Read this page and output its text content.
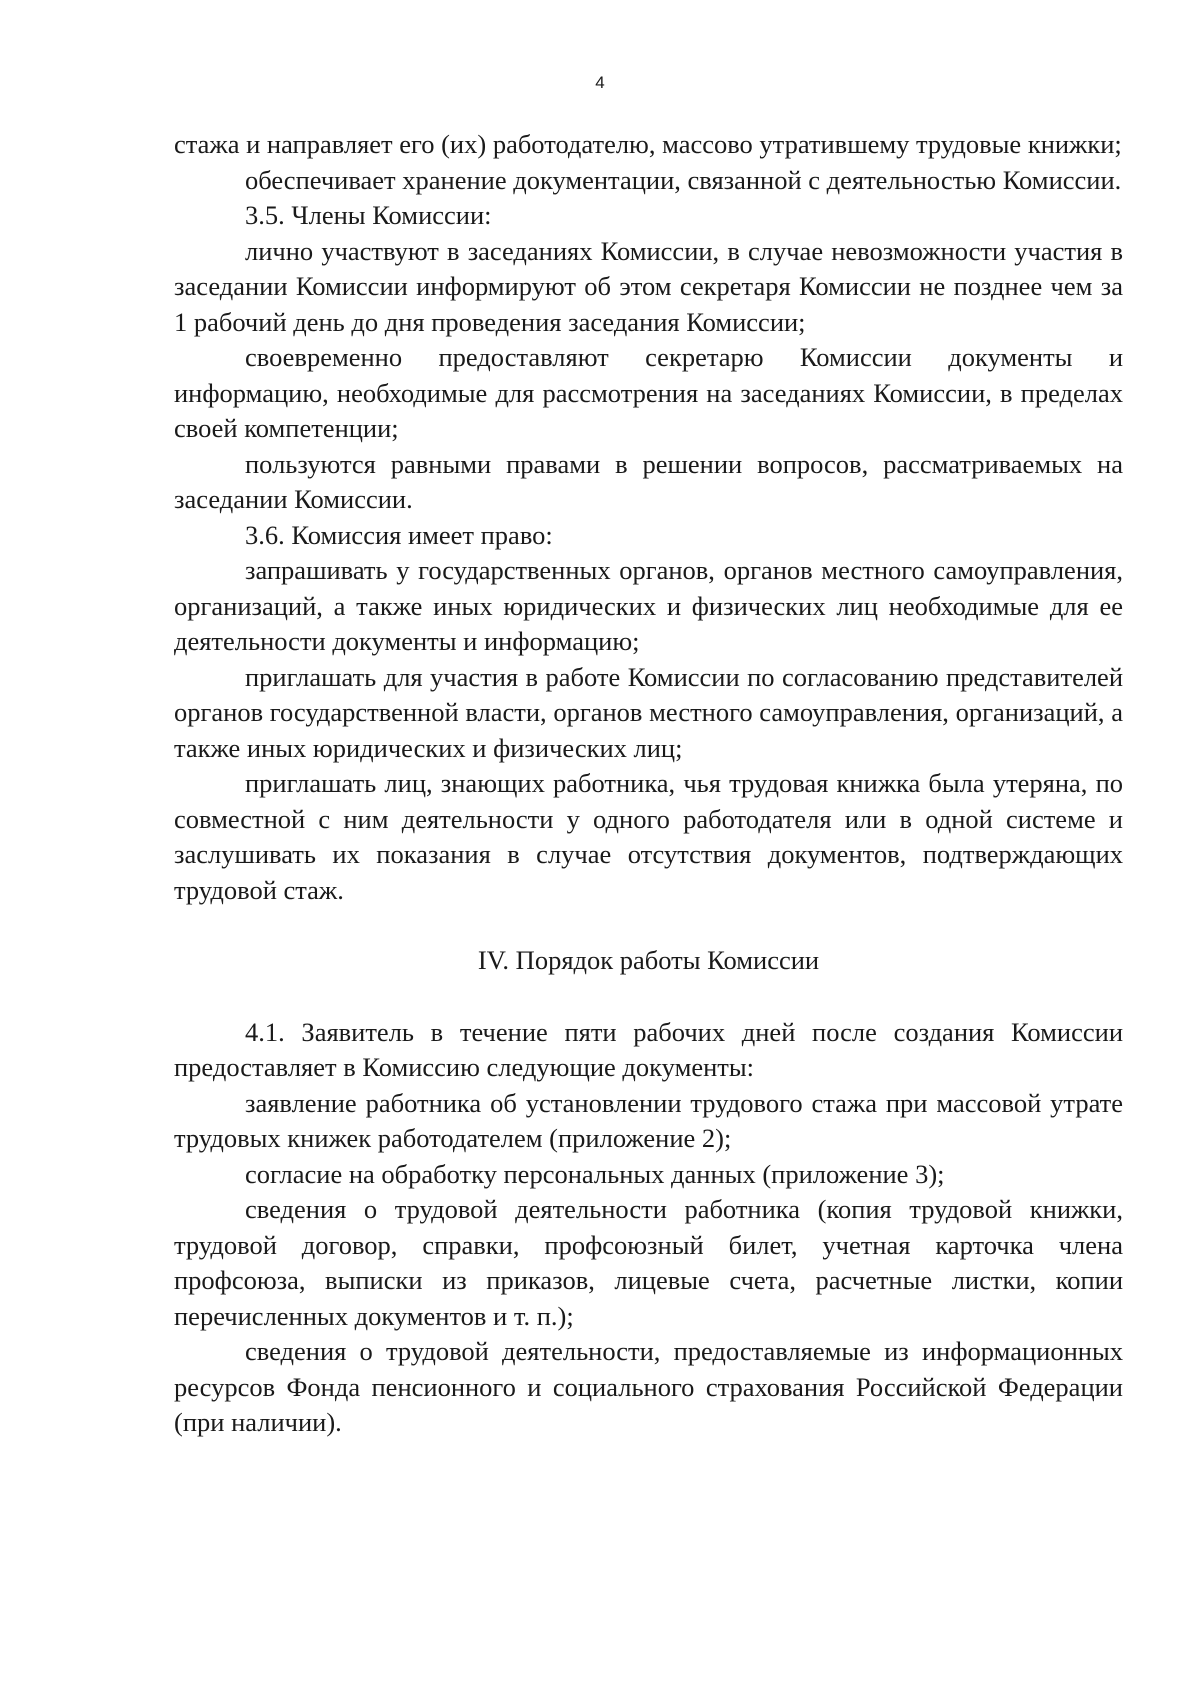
4

стажа и направляет его (их) работодателю, массово утратившему трудовые книжки;

обеспечивает хранение документации, связанной с деятельностью Комиссии.

3.5. Члены Комиссии:

лично участвуют в заседаниях Комиссии, в случае невозможности участия в заседании Комиссии информируют об этом секретаря Комиссии не позднее чем за 1 рабочий день до дня проведения заседания Комиссии;

своевременно предоставляют секретарю Комиссии документы и информацию, необходимые для рассмотрения на заседаниях Комиссии, в пределах своей компетенции;

пользуются равными правами в решении вопросов, рассматриваемых на заседании Комиссии.

3.6. Комиссия имеет право:

запрашивать у государственных органов, органов местного самоуправления, организаций, а также иных юридических и физических лиц необходимые для ее деятельности документы и информацию;

приглашать для участия в работе Комиссии по согласованию представителей органов государственной власти, органов местного самоуправления, организаций, а также иных юридических и физических лиц;

приглашать лиц, знающих работника, чья трудовая книжка была утеряна, по совместной с ним деятельности у одного работодателя или в одной системе и заслушивать их показания в случае отсутствия документов, подтверждающих трудовой стаж.

IV. Порядок работы Комиссии

4.1. Заявитель в течение пяти рабочих дней после создания Комиссии предоставляет в Комиссию следующие документы:

заявление работника об установлении трудового стажа при массовой утрате трудовых книжек работодателем (приложение 2);

согласие на обработку персональных данных (приложение 3);

сведения о трудовой деятельности работника (копия трудовой книжки, трудовой договор, справки, профсоюзный билет, учетная карточка члена профсоюза, выписки из приказов, лицевые счета, расчетные листки, копии перечисленных документов и т. п.);

сведения о трудовой деятельности, предоставляемые из информационных ресурсов Фонда пенсионного и социального страхования Российской Федерации (при наличии).
